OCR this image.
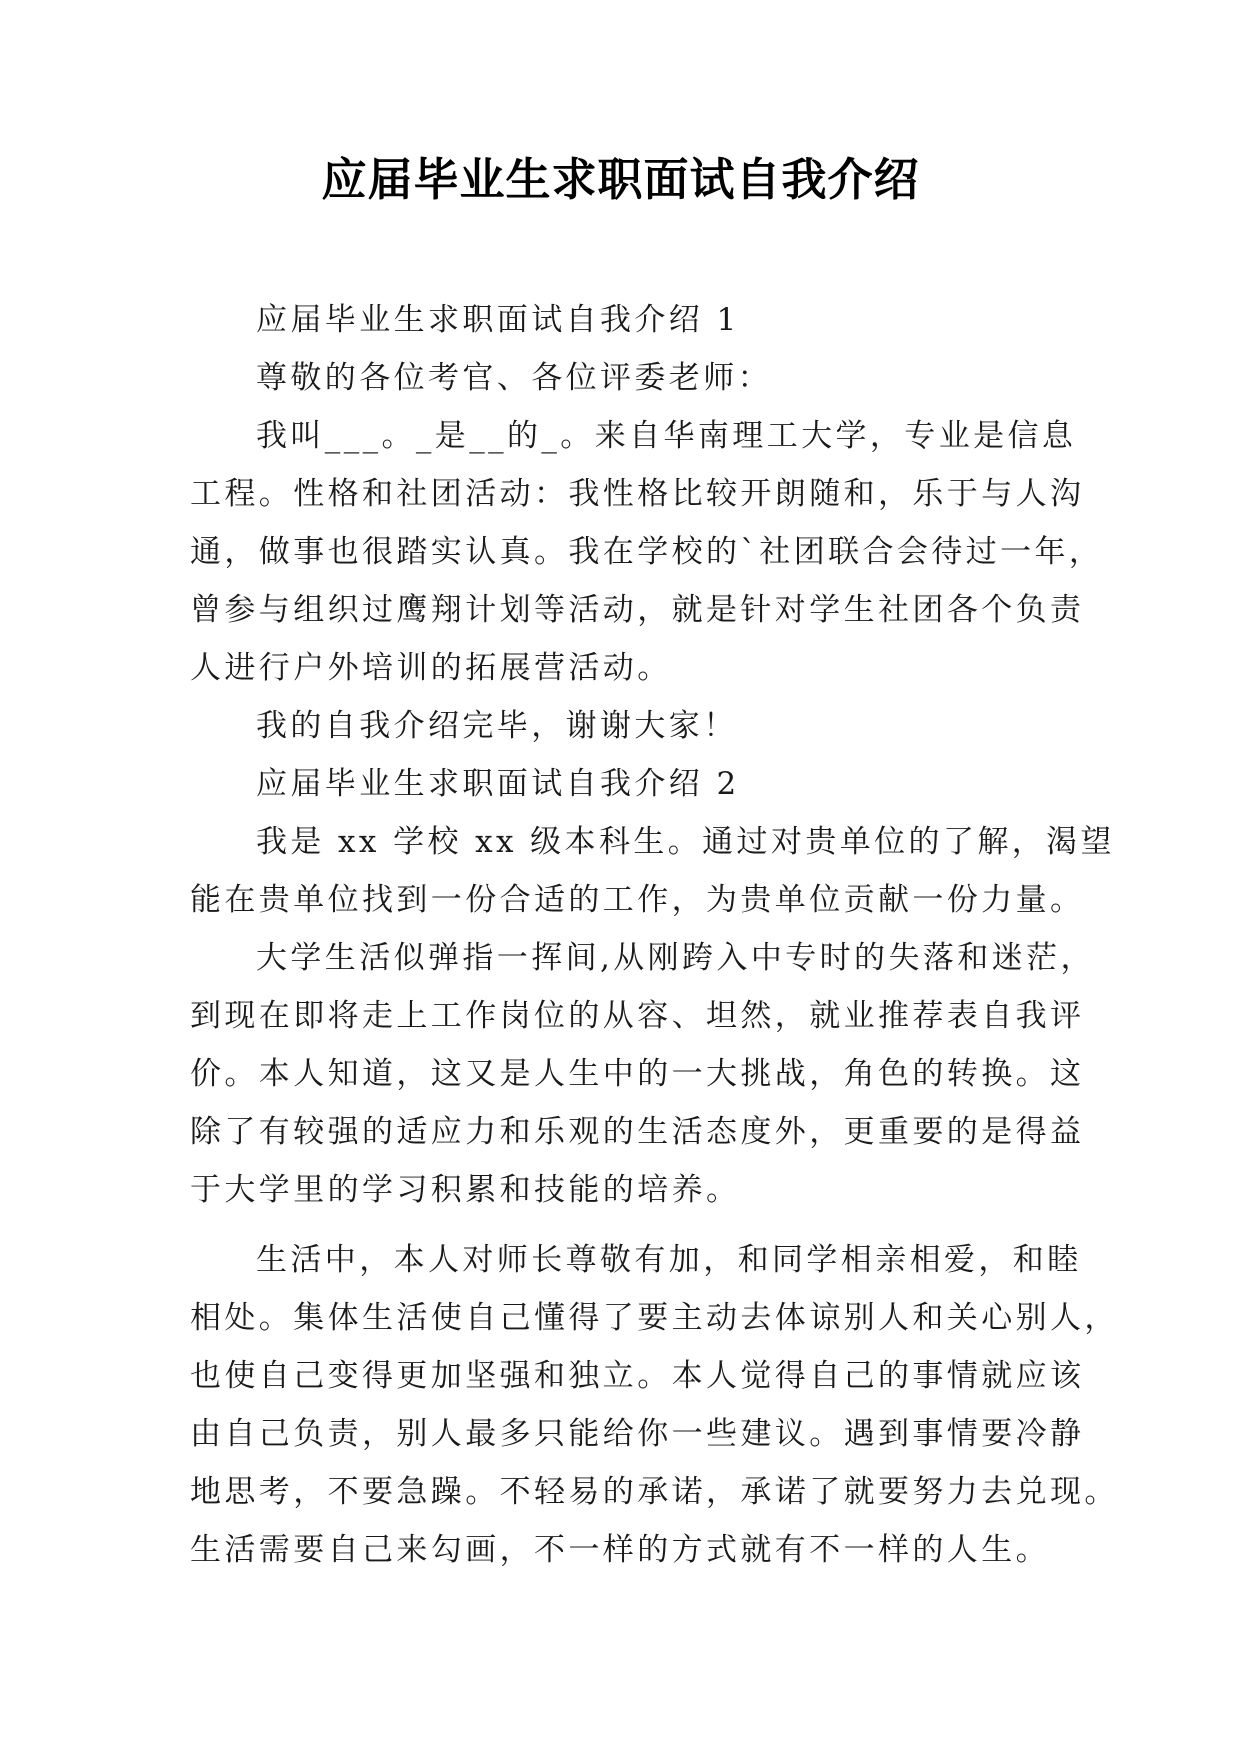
应届毕业生求职面试自我介绍

应届毕业生求职面试自我介绍 1

尊敬的各位考官、各位评委老师：

我叫___。_是__的_。来自华南理工大学，专业是信息

工程。性格和社团活动：我性格比较开朗随和，乐于与人沟

通，做事也很踏实认真。我在学校的`社团联合会待过一年，

曾参与组织过鹰翔计划等活动，就是针对学生社团各个负责

人进行户外培训的拓展营活动。

我的自我介绍完毕，谢谢大家！

应届毕业生求职面试自我介绍 2

我是 xx 学校 xx 级本科生。通过对贵单位的了解，渴望

能在贵单位找到一份合适的工作，为贵单位贡献一份力量。

大学生活似弹指一挥间,从刚跨入中专时的失落和迷茫，

到现在即将走上工作岗位的从容、坦然，就业推荐表自我评

价。本人知道，这又是人生中的一大挑战，角色的转换。这

除了有较强的适应力和乐观的生活态度外，更重要的是得益

于大学里的学习积累和技能的培养。

生活中，本人对师长尊敬有加，和同学相亲相爱，和睦

相处。集体生活使自己懂得了要主动去体谅别人和关心别人，

也使自己变得更加坚强和独立。本人觉得自己的事情就应该

由自己负责，别人最多只能给你一些建议。遇到事情要冷静

地思考，不要急躁。不轻易的承诺，承诺了就要努力去兑现。

生活需要自己来勾画，不一样的方式就有不一样的人生。
